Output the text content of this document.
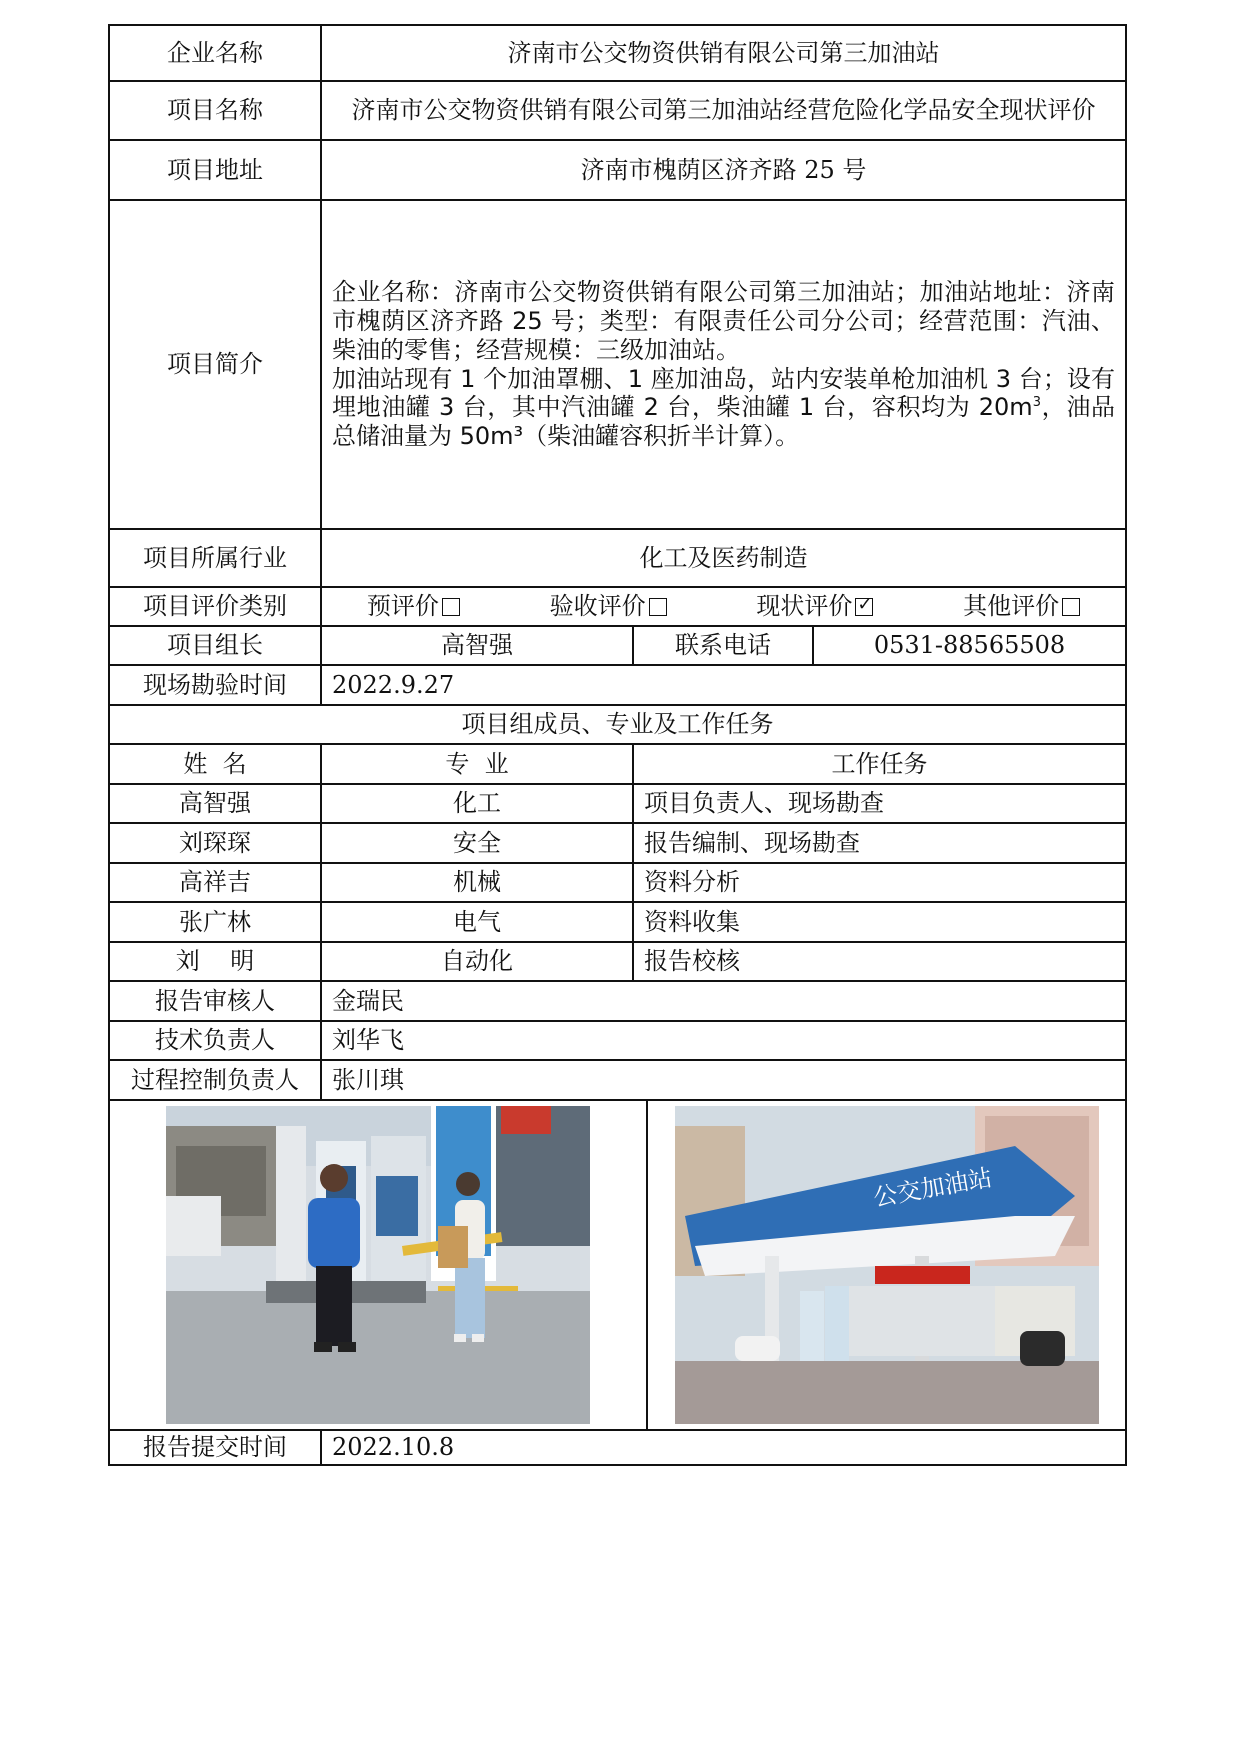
企业名称	济南市公交物资供销有限公司第三加油站			
项目名称	济南市公交物资供销有限公司第三加油站经营危险化学品安全现状评价			
项目地址	济南市槐荫区济齐路 25 号			
项目简介	企业名称：济南市公交物资供销有限公司第三加油站；加油站地址：济南市槐荫区济齐路 25 号；类型：有限责任公司分公司；经营范围：汽油、柴油的零售；经营规模：三级加油站。

加油站现有 1 个加油罩棚、1 座加油岛，站内安装单枪加油机 3 台；设有埋地油罐 3 台，其中汽油罐 2 台，柴油罐 1 台，容积均为 $20m^3$，油品总储油量为 50m³（柴油罐容积折半计算）。			

项目所属行业	化工及医药制造			
项目评价类别	预评价 验收评价 现状评价 ✓ 其他评价

项目组长	高智强	联系电话		0531-88565508
现场勘验时间	2022.9.27			
项目组成员、专业及工作任务				
姓  名	专  业	工作任务		
高智强	化工	项目负责人、现场勘查		
刘琛琛	安全	报告编制、现场勘查		
高祥吉	机械	资料分析		
张广林	电气	资料收集		
刘    明	自动化	报告校核		
报告审核人	金瑞民			
技术负责人	刘华飞			
过程控制负责人	张川琪			

公交加油站	

报告提交时间	2022.10.8			
